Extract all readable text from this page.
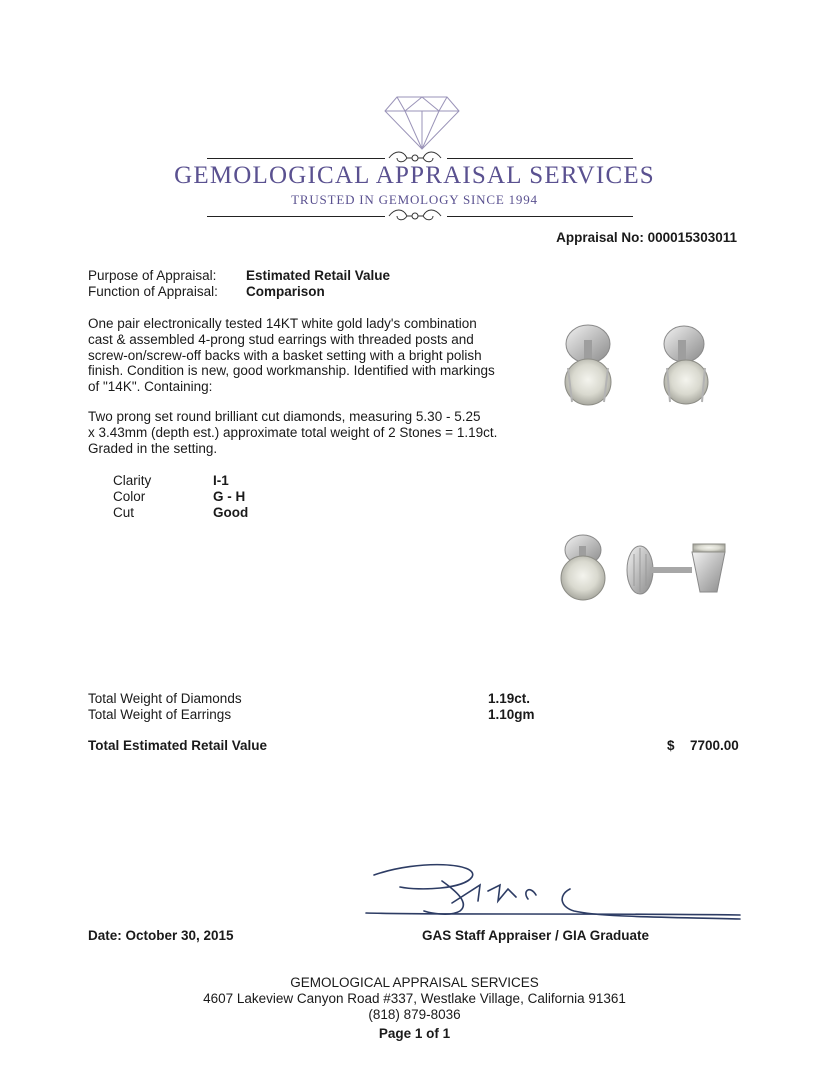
GEMOLOGICAL APPRAISAL SERVICES
TRUSTED IN GEMOLOGY SINCE 1994
Appraisal No: 000015303011
Purpose of Appraisal: Estimated Retail Value
Function of Appraisal: Comparison
One pair electronically tested 14KT white gold lady's combination
cast & assembled 4-prong stud earrings with threaded posts and
screw-on/screw-off backs with a basket setting with a bright polish
finish. Condition is new, good workmanship. Identified with markings
of "14K". Containing:
Two prong set round brilliant cut diamonds, measuring 5.30 - 5.25
x 3.43mm (depth est.) approximate total weight of 2 Stones = 1.19ct.
Graded in the setting.
Clarity	I-1
Color	G - H
Cut	Good
Total Weight of Diamonds	1.19ct.
Total Weight of Earrings	1.10gm
Total Estimated Retail Value	$ 7700.00
Date: October 30, 2015	GAS Staff Appraiser / GIA Graduate
GEMOLOGICAL APPRAISAL SERVICES
4607 Lakeview Canyon Road #337, Westlake Village, California 91361
(818) 879-8036
Page 1 of 1
